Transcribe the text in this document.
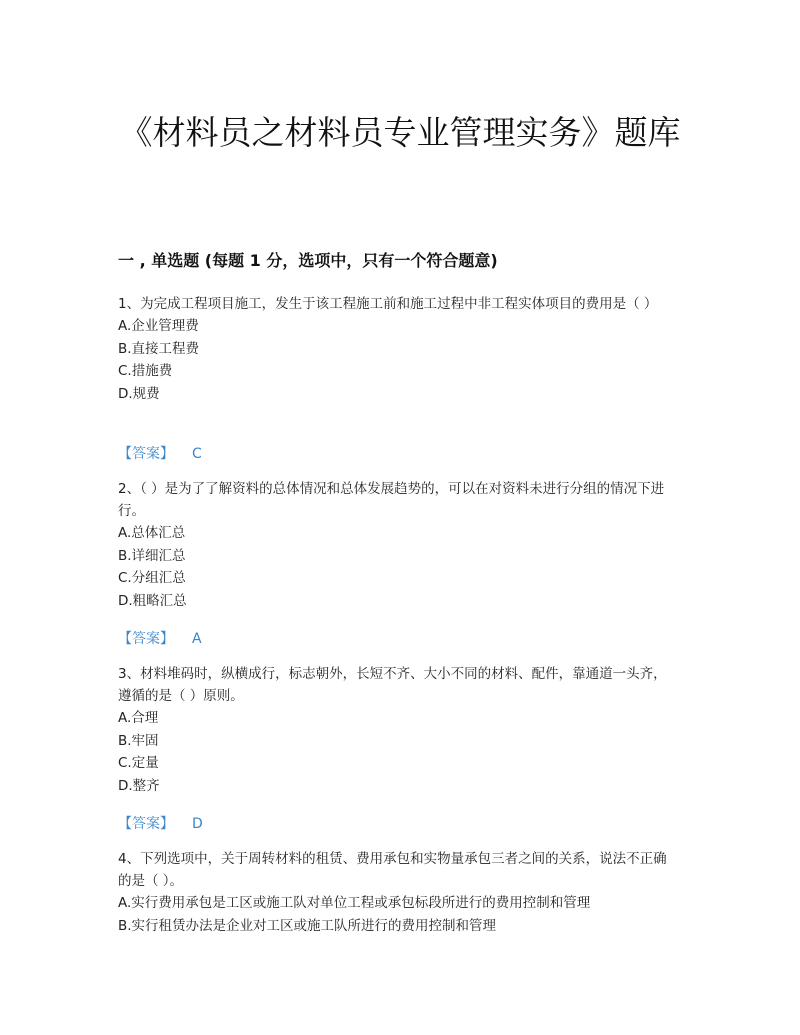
《材料员之材料员专业管理实务》题库
一 , 单选题 (每题 1 分，选项中，只有一个符合题意)
1、为完成工程项目施工，发生于该工程施工前和施工过程中非工程实体项目的费用是（ ）
A.企业管理费
B.直接工程费
C.措施费
D.规费
【答案】 C
2、（ ）是为了了解资料的总体情况和总体发展趋势的，可以在对资料未进行分组的情况下进行。
A.总体汇总
B.详细汇总
C.分组汇总
D.粗略汇总
【答案】 A
3、材料堆码时，纵横成行，标志朝外，长短不齐、大小不同的材料、配件，靠通道一头齐，遵循的是（ ）原则。
A.合理
B.牢固
C.定量
D.整齐
【答案】 D
4、下列选项中，关于周转材料的租赁、费用承包和实物量承包三者之间的关系，说法不正确的是（ ）。
A.实行费用承包是工区或施工队对单位工程或承包标段所进行的费用控制和管理
B.实行租赁办法是企业对工区或施工队所进行的费用控制和管理
